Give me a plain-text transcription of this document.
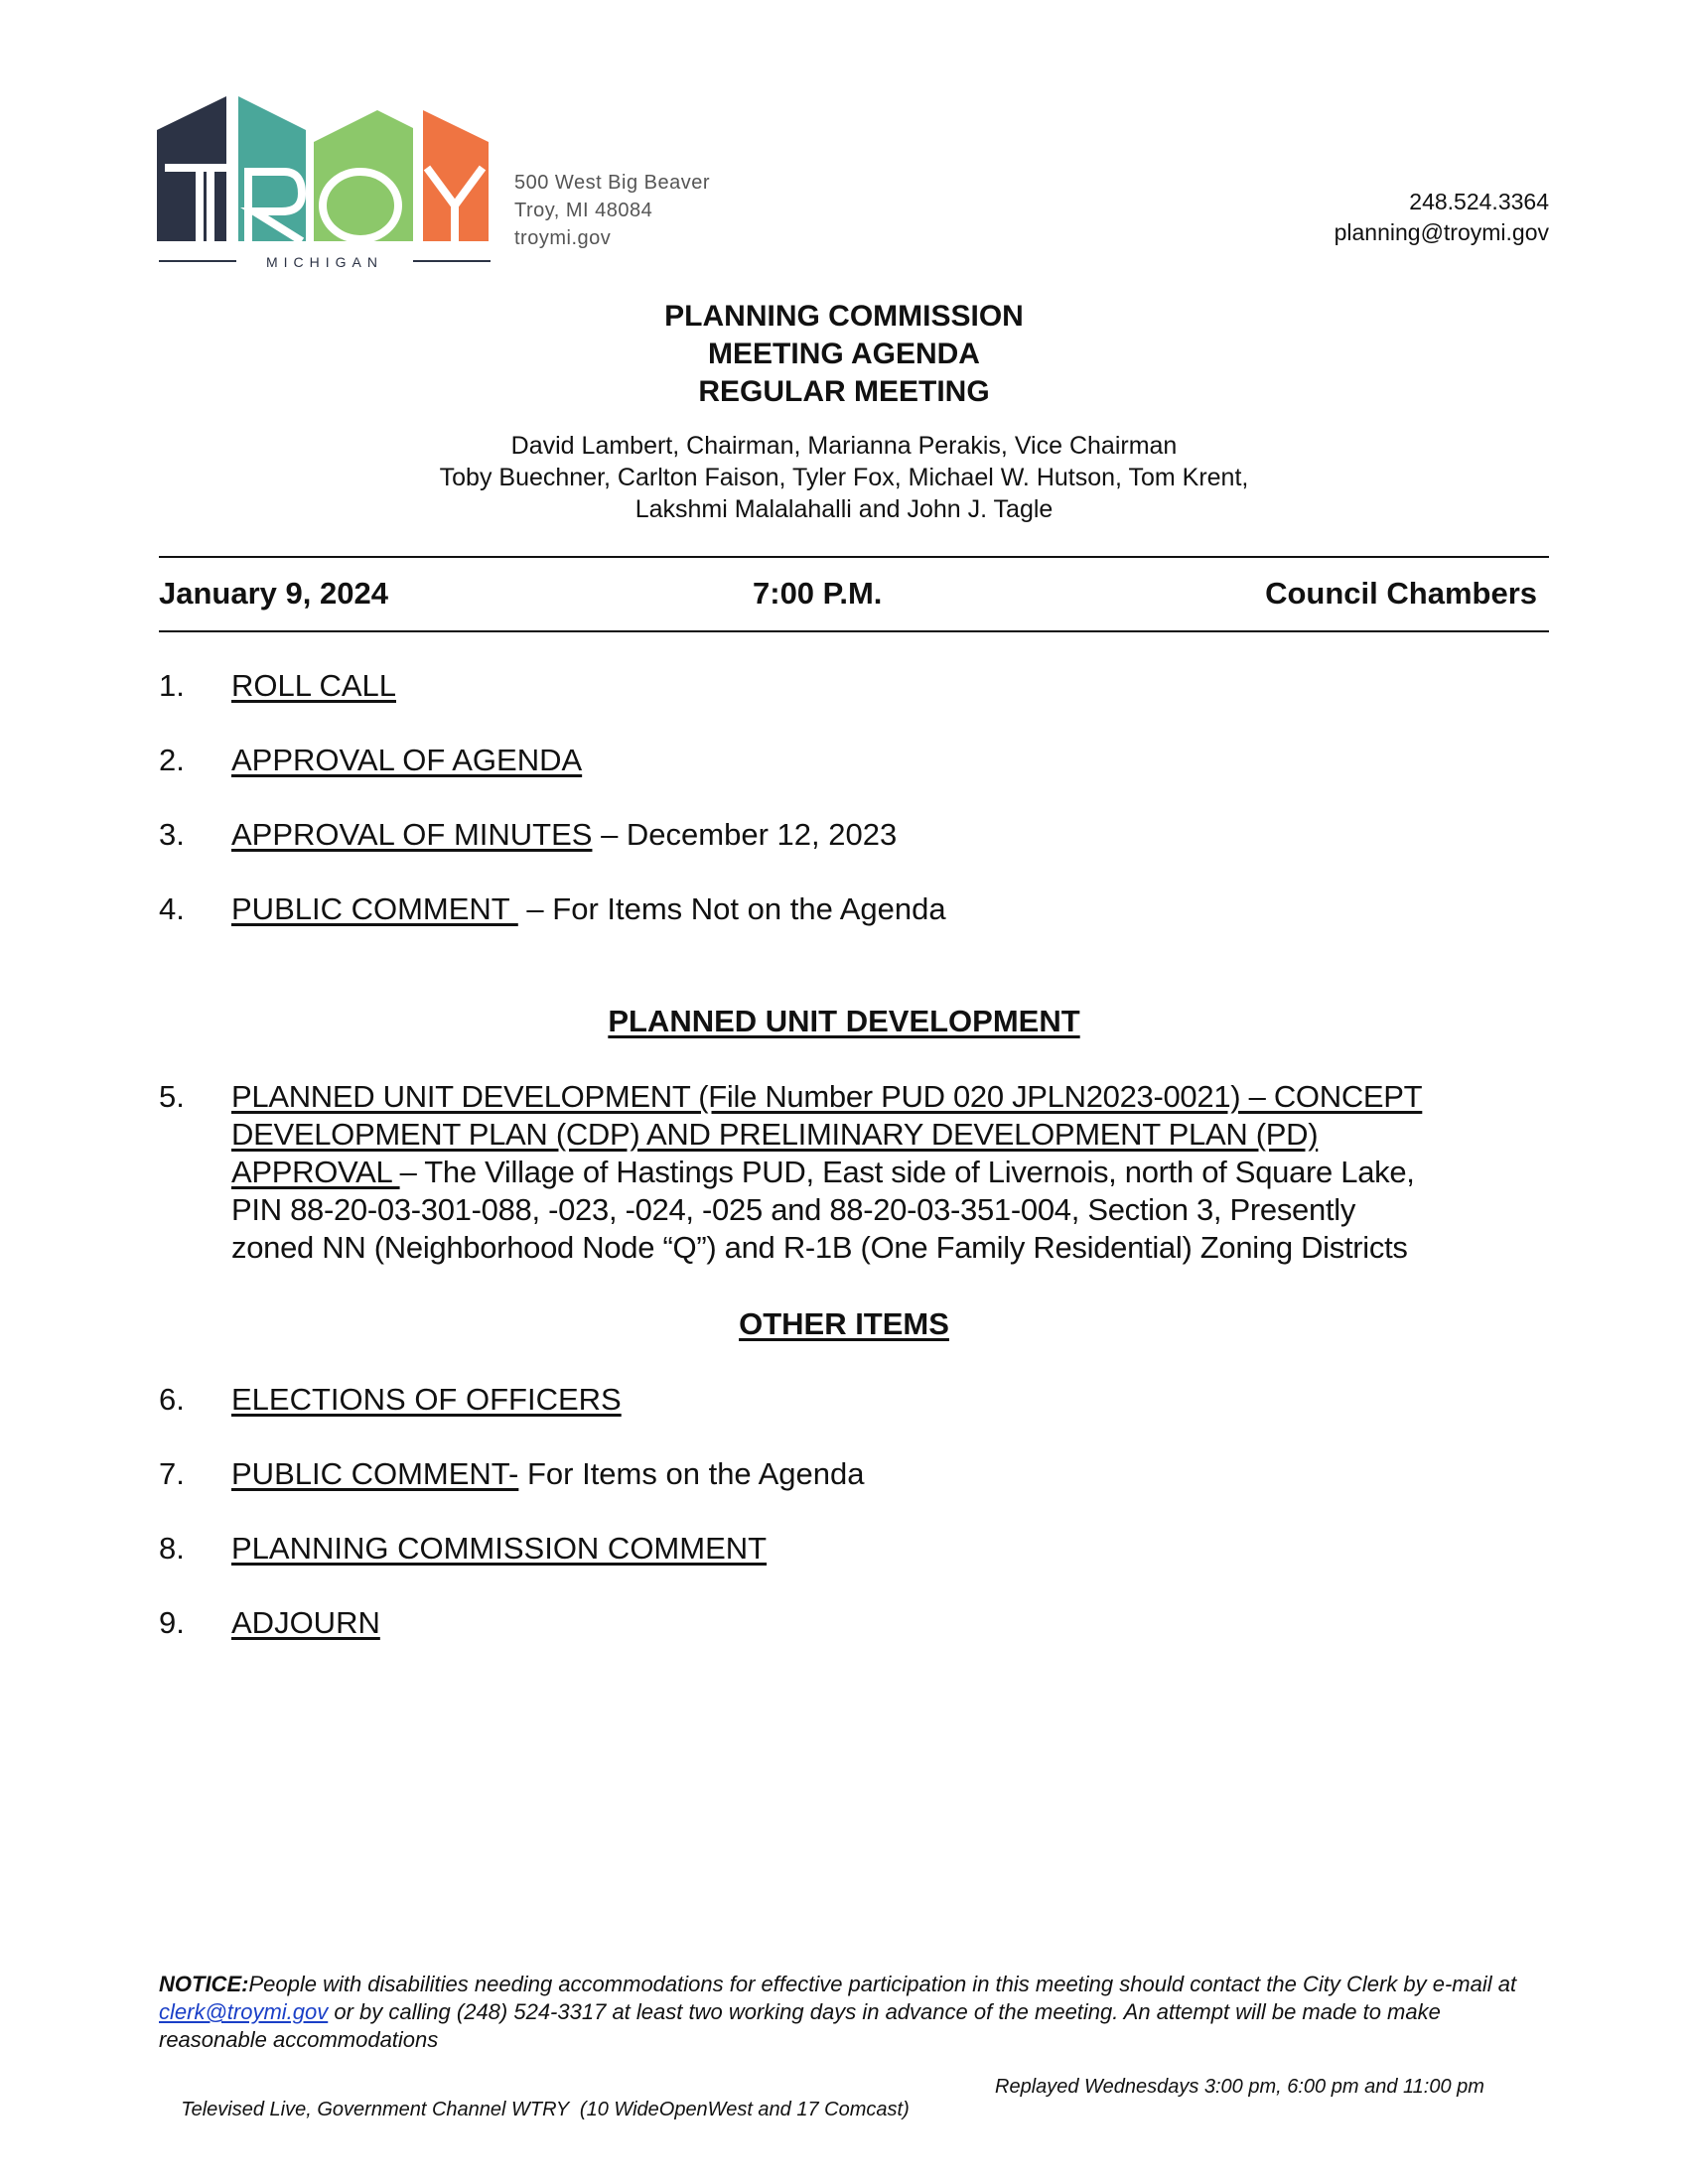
MICHIGAN
500 West Big Beaver
Troy, MI 48084
troymi.gov
248.524.3364
planning@troymi.gov
PLANNING COMMISSION
MEETING AGENDA
REGULAR MEETING
David Lambert, Chairman, Marianna Perakis, Vice Chairman
Toby Buechner, Carlton Faison, Tyler Fox, Michael W. Hutson, Tom Krent,
Lakshmi Malalahalli and John J. Tagle
January 9, 2024	7:00 P.M.	Council Chambers
1.	ROLL CALL
2.	APPROVAL OF AGENDA
3.	APPROVAL OF MINUTES – December 12, 2023
4.	PUBLIC COMMENT  – For Items Not on the Agenda
PLANNED UNIT DEVELOPMENT
5.	PLANNED UNIT DEVELOPMENT (File Number PUD 020 JPLN2023-0021) – CONCEPT
DEVELOPMENT PLAN (CDP) AND PRELIMINARY DEVELOPMENT PLAN (PD)
APPROVAL – The Village of Hastings PUD, East side of Livernois, north of Square Lake,
PIN 88-20-03-301-088, -023, -024, -025 and 88-20-03-351-004, Section 3, Presently
zoned NN (Neighborhood Node “Q”) and R-1B (One Family Residential) Zoning Districts
OTHER ITEMS
6.	ELECTIONS OF OFFICERS
7.	PUBLIC COMMENT- For Items on the Agenda
8.	PLANNING COMMISSION COMMENT
9.	ADJOURN
NOTICE:People with disabilities needing accommodations for effective participation in this meeting should contact the City Clerk by e-mail at clerk@troymi.gov or by calling (248) 524-3317 at least two working days in advance of the meeting. An attempt will be made to make reasonable accommodations

Televised Live, Government Channel WTRY  (10 WideOpenWest and 17 Comcast)

Replayed Wednesdays 3:00 pm, 6:00 pm and 11:00 pm
